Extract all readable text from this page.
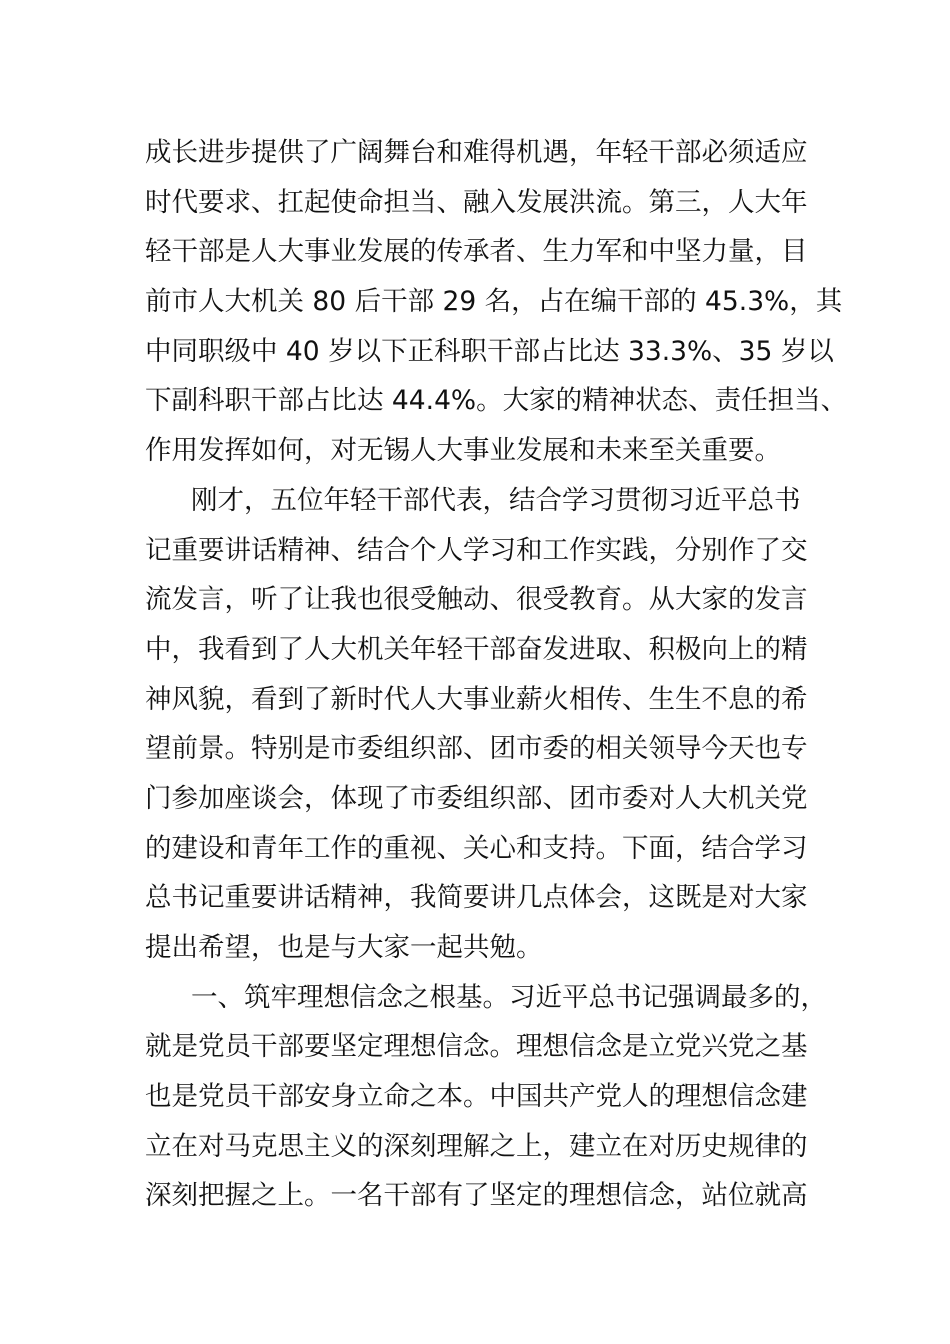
成长进步提供了广阔舞台和难得机遇，年轻干部必须适应
时代要求、扛起使命担当、融入发展洪流。第三，人大年
轻干部是人大事业发展的传承者、生力军和中坚力量，目
前市人大机关 80 后干部 29 名，占在编干部的 45.3%，其
中同职级中 40 岁以下正科职干部占比达 33.3%、35 岁以
下副科职干部占比达 44.4%。大家的精神状态、责任担当、
作用发挥如何，对无锡人大事业发展和未来至关重要。
刚才，五位年轻干部代表，结合学习贯彻习近平总书
记重要讲话精神、结合个人学习和工作实践，分别作了交
流发言，听了让我也很受触动、很受教育。从大家的发言
中，我看到了人大机关年轻干部奋发进取、积极向上的精
神风貌，看到了新时代人大事业薪火相传、生生不息的希
望前景。特别是市委组织部、团市委的相关领导今天也专
门参加座谈会，体现了市委组织部、团市委对人大机关党
的建设和青年工作的重视、关心和支持。下面，结合学习
总书记重要讲话精神，我简要讲几点体会，这既是对大家
提出希望，也是与大家一起共勉。
一、筑牢理想信念之根基。习近平总书记强调最多的，
就是党员干部要坚定理想信念。理想信念是立党兴党之基
也是党员干部安身立命之本。中国共产党人的理想信念建
立在对马克思主义的深刻理解之上，建立在对历史规律的
深刻把握之上。一名干部有了坚定的理想信念，站位就高
